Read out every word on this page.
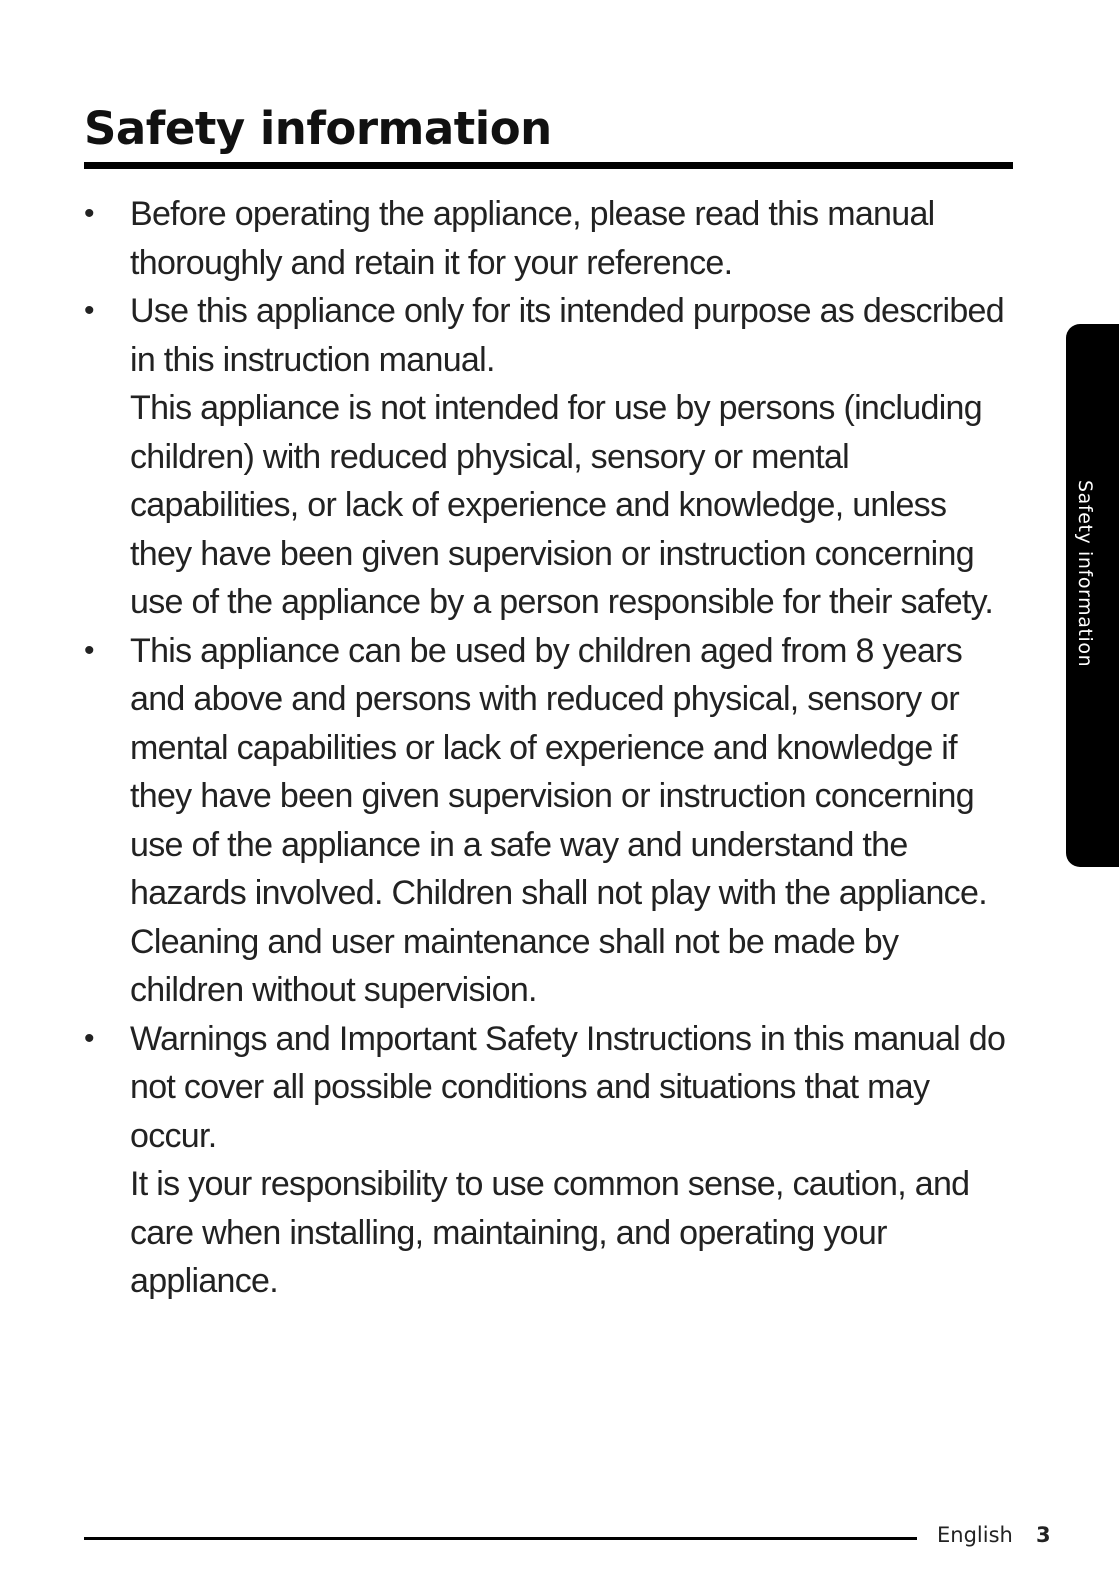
Safety information
• Before operating the appliance, please read this manual thoroughly and retain it for your reference.

• Use this appliance only for its intended purpose as described in this instruction manual.

This appliance is not intended for use by persons (including children) with reduced physical, sensory or mental capabilities, or lack of experience and knowledge, unless they have been given supervision or instruction concerning use of the appliance by a person responsible for their safety.

• This appliance can be used by children aged from 8 years and above and persons with reduced physical, sensory or mental capabilities or lack of experience and knowledge if they have been given supervision or instruction concerning use of the appliance in a safe way and understand the hazards involved. Children shall not play with the appliance.

Cleaning and user maintenance shall not be made by children without supervision.

• Warnings and Important Safety Instructions in this manual do not cover all possible conditions and situations that may occur.

It is your responsibility to use common sense, caution, and care when installing, maintaining, and operating your appliance.

Safety information
English 3
